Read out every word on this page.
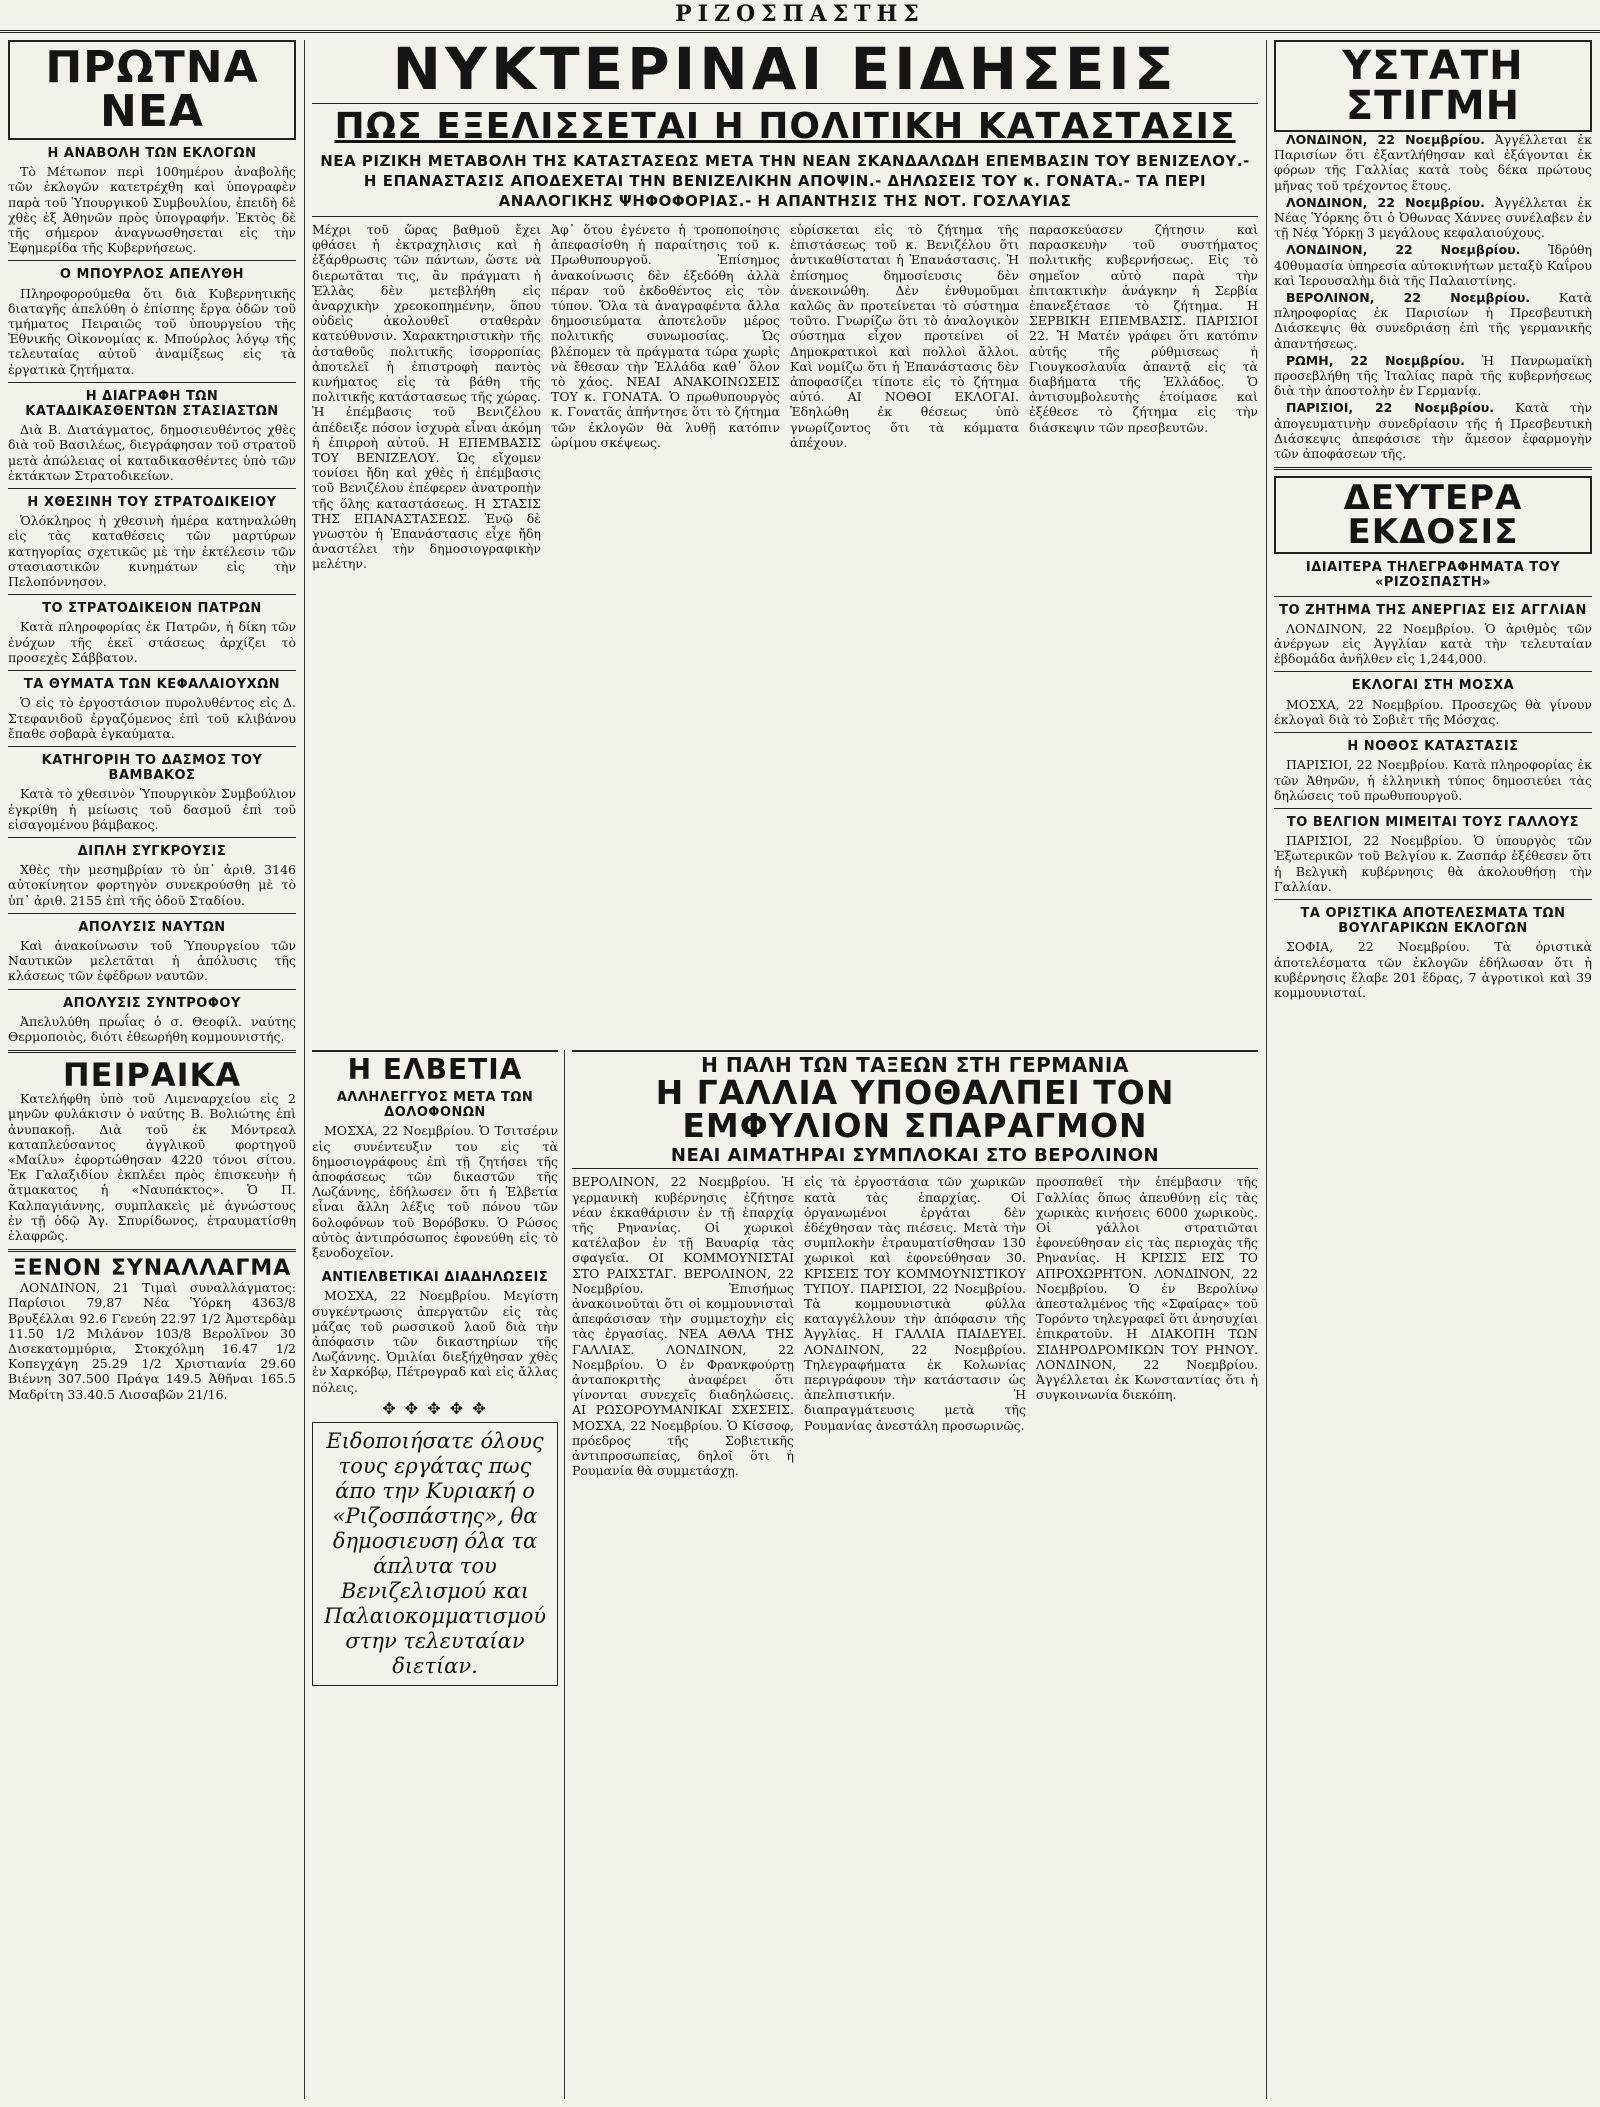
ΡΙΖΟΣΠΑΣΤΗΣ
ΠΡΩΤΝΑ ΝΕΑ
Η ΑΝΑΒΟΛΗ ΤΩΝ ΕΚΛΟΓΩΝ

Τὸ Μέτωπον περὶ 100ημέρου ἀναβολῆς τῶν ἐκλογῶν κατετρέχθη καὶ ὑπογραφὲν παρὰ τοῦ Ὑπουργικοῦ Συμβουλίου, ἐπειδὴ δὲ χθὲς ἐξ Ἀθηνῶν πρὸς ὑπογραφήν. Ἐκτὸς δὲ τῆς σήμερον ἀναγνωσθησεται εἰς τὴν Ἐφημερίδα τῆς Κυβερνήσεως.

Ο ΜΠΟΥΡΛΟΣ ΑΠΕΛΥΘΗ

Πληροφορούμεθα ὅτι διὰ Κυβερνητικῆς διαταγῆς ἀπελύθη ὁ ἐπίσπης ἔργα ὁδῶν τοῦ τμήματος Πειραιῶς τοῦ ὑπουργείου τῆς Ἐθνικῆς Οἰκονομίας κ. Μπούρλος λόγῳ τῆς τελευταίας αὐτοῦ ἀναμίξεως εἰς τὰ ἐργατικὰ ζητήματα.

Η ΔΙΑΓΡΑΦΗ ΤΩΝ ΚΑΤΑΔΙΚΑΣΘΕΝΤΩΝ ΣΤΑΣΙΑΣΤΩΝ

Διὰ Β. Διατάγματος, δημοσιευθέντος χθὲς διὰ τοῦ Βασιλέως, διεγράφησαν τοῦ στρατοῦ μετὰ ἀπώλειας οἱ καταδικασθέντες ὑπὸ τῶν ἐκτάκτων Στρατοδικείων.

Η ΧΘΕΣΙΝΗ ΤΟΥ ΣΤΡΑΤΟΔΙΚΕΙΟΥ

Ὁλόκληρος ἡ χθεσινὴ ἡμέρα κατηναλώθη εἰς τὰς καταθέσεις τῶν μαρτύρων κατηγορίας σχετικῶς μὲ τὴν ἐκτέλεσιν τῶν στασιαστικῶν κινημάτων εἰς τὴν Πελοπόννησον.

ΤΟ ΣΤΡΑΤΟΔΙΚΕΙΟΝ ΠΑΤΡΩΝ

Κατὰ πληροφορίας ἐκ Πατρῶν, ἡ δίκη τῶν ἐνόχων τῆς ἐκεῖ στάσεως ἀρχίζει τὸ προσεχὲς Σάββατον.

ΤΑ ΘΥΜΑΤΑ ΤΩΝ ΚΕΦΑΛΑΙΟΥΧΩΝ

Ὁ εἰς τὸ ἐργοστάσιον πυρολυθέντος εἰς Δ. Στεφανιδοῦ ἐργαζόμενος ἐπὶ τοῦ κλιβάνου ἔπαθε σοβαρὰ ἐγκαύματα.

ΚΑΤΗΓΟΡΙΗ ΤΟ ΔΑΣΜΟΣ ΤΟΥ ΒΑΜΒΑΚΟΣ

Κατὰ τὸ χθεσινὸν Ὑπουργικὸν Συμβούλιον ἐγκρίθη ἡ μείωσις τοῦ δασμοῦ ἐπὶ τοῦ εἰσαγομένου βάμβακος.

ΔΙΠΛΗ ΣΥΓΚΡΟΥΣΙΣ

Χθὲς τὴν μεσημβρίαν τὸ ὑπ᾽ ἀριθ. 3146 αὐτοκίνητον φορτηγὸν συνεκρούσθη μὲ τὸ ὑπ᾽ ἀριθ. 2155 ἐπὶ τῆς ὁδοῦ Σταδίου.

ΑΠΟΛΥΣΙΣ ΝΑΥΤΩΝ

Καὶ ἀνακοίνωσιν τοῦ Ὑπουργείου τῶν Ναυτικῶν μελετᾶται ἡ ἀπόλυσις τῆς κλάσεως τῶν ἐφέδρων ναυτῶν.

ΑΠΟΛΥΣΙΣ ΣΥΝΤΡΟΦΟΥ

Ἀπελυλύθη πρωΐας ὁ σ. Θεοφίλ. ναύτης Θερμοποιὸς, διότι ἐθεωρήθη κομμουνιστής.

ΠΕΙΡΑΙΚΑ

Κατελήφθη ὑπὸ τοῦ Λιμεναρχείου εἰς 2 μηνῶν φυλάκισιν ὁ ναύτης Β. Βολιώτης ἐπὶ ἀνυπακοῇ. Διὰ τοῦ ἐκ Μόντρεαλ καταπλεύσαντος ἀγγλικοῦ φορτηγοῦ «Μαίλυ» ἐφορτώθησαν 4220 τόνοι σίτου. Ἐκ Γαλαξιδίου ἐκπλέει πρὸς ἐπισκευὴν ἡ ἄτμακατος ἡ «Ναυπάκτος». Ὁ Π. Καλπαγιάννης, συμπλακεὶς μὲ ἀγνώστους ἐν τῇ ὁδῷ Ἀγ. Σπυρίδωνος, ἐτραυματίσθη ἐλαφρῶς.

ΞΕΝΟΝ ΣΥΝΑΛΛΑΓΜΑ

ΛΟΝΔΙΝΟΝ, 21 Τιμαὶ συναλλάγματος: Παρίσιοι 79,87 Νέα Ὑόρκη 4363/8 Βρυξέλλαι 92.6 Γενεύη 22.97 1/2 Ἀμστερδὰμ 11.50 1/2 Μιλάνον 103/8 Βερολῖνον 30 Δισεκατομμύρια, Στοκχόλμη 16.47 1/2 Κοπεγχάγη 25.29 1/2 Χριστιανία 29.60 Βιέννη 307.500 Πράγα 149.5 Ἀθῆναι 165.5 Μαδρίτη 33.40.5 Λισσαβῶν 21/16.

ΝΥΚΤΕΡΙΝΑΙ ΕΙΔΗΣΕΙΣ
ΠΩΣ ΕΞΕΛΙΣΣΕΤΑΙ Η ΠΟΛΙΤΙΚΗ ΚΑΤΑΣΤΑΣΙΣ
ΝΕΑ ΡΙΖΙΚΗ ΜΕΤΑΒΟΛΗ ΤΗΣ ΚΑΤΑΣΤΑΣΕΩΣ ΜΕΤΑ ΤΗΝ ΝΕΑΝ ΣΚΑΝΔΑΛΩΔΗ ΕΠΕΜΒΑΣΙΝ ΤΟΥ ΒΕΝΙΖΕΛΟΥ.- Η ΕΠΑΝΑΣΤΑΣΙΣ ΑΠΟΔΕΧΕΤΑΙ ΤΗΝ ΒΕΝΙΖΕΛΙΚΗΝ ΑΠΟΨΙΝ.- ΔΗΛΩΣΕΙΣ ΤΟΥ κ. ΓΟΝΑΤΑ.- ΤΑ ΠΕΡΙ ΑΝΑΛΟΓΙΚΗΣ ΨΗΦΟΦΟΡΙΑΣ.- Η ΑΠΑΝΤΗΣΙΣ ΤΗΣ ΝΟΤ. ΓΟΣΛΑΥΙΑΣ
Μέχρι τοῦ ὥρας βαθμοῦ ἔχει φθάσει ἡ ἐκτραχηλισις καὶ ἡ ἐξάρθρωσις τῶν πάντων, ὥστε νὰ διερωτᾶται τις, ἂν πράγματι ἡ Ἑλλὰς δὲν μετεβλήθη εἰς ἀναρχικὴν χρεοκοπημένην, ὅπου οὐδεὶς ἀκολουθεῖ σταθερὰν κατεύθυνσιν. Χαρακτηριστικὴν τῆς ἀσταθοῦς πολιτικῆς ἰσορροπίας ἀποτελεῖ ἡ ἐπιστροφὴ παντὸς κινήματος εἰς τὰ βάθη τῆς πολιτικῆς κατάστασεως τῆς χώρας. Ἡ ἐπέμβασις τοῦ Βενιζέλου ἀπέδειξε πόσον ἰσχυρὰ εἶναι ἀκόμη ἡ ἐπιρροὴ αὐτοῦ. Η ΕΠΕΜΒΑΣΙΣ ΤΟΥ ΒΕΝΙΖΕΛΟΥ. Ὡς εἴχομεν τονίσει ἤδη καὶ χθὲς ἡ ἐπέμβασις τοῦ Βενιζέλου ἐπέφερεν ἀνατροπὴν τῆς ὅλης καταστάσεως. Η ΣΤΑΣΙΣ ΤΗΣ ΕΠΑΝΑΣΤΑΣΕΩΣ. Ἐνῷ δὲ γνωστὸν ἡ Ἐπανάστασις εἶχε ἤδη ἀναστέλει τὴν δημοσιογραφικὴν μελέτην.
Ἀφ᾽ ὅτου ἐγένετο ἡ τροποποίησις ἀπεφασίσθη ἡ παραίτησις τοῦ κ. Πρωθυπουργοῦ. Ἐπίσημος ἀνακοίνωσις δὲν ἐξεδόθη ἀλλὰ πέραν τοῦ ἐκδοθέντος εἰς τὸν τύπον. Ὅλα τὰ ἀναγραφέντα ἄλλα δημοσιεύματα ἀποτελοῦν μέρος πολιτικῆς συνωμοσίας. Ὡς βλέπομεν τὰ πράγματα τώρα χωρὶς νὰ ἔθεσαν τὴν Ἑλλάδα καθ᾽ ὅλον τὸ χάος. ΝΕΑΙ ΑΝΑΚΟΙΝΩΣΕΙΣ ΤΟΥ κ. ΓΟΝΑΤΑ. Ὁ πρωθυπουργὸς κ. Γονατᾶς ἀπήντησε ὅτι τὸ ζήτημα τῶν ἐκλογῶν θὰ λυθῇ κατόπιν ὡρίμου σκέψεως.
εὑρίσκεται εἰς τὸ ζήτημα τῆς ἐπιστάσεως τοῦ κ. Βενιζέλου ὅτι ἀντικαθίσταται ἡ Ἐπανάστασις. Ἡ ἐπίσημος δημοσίευσις δὲν ἀνεκοινώθη. Δὲν ἐνθυμοῦμαι καλῶς ἂν προτείνεται τὸ σύστημα τοῦτο. Γνωρίζω ὅτι τὸ ἀναλογικὸν σύστημα εἶχον προτείνει οἱ Δημοκρατικοὶ καὶ πολλοὶ ἄλλοι. Καὶ νομίζω ὅτι ἡ Ἐπανάστασις δὲν ἀποφασίζει τίποτε εἰς τὸ ζήτημα αὐτό. ΑΙ ΝΟΘΟΙ ΕΚΛΟΓΑΙ. Ἐδηλώθη ἐκ θέσεως ὑπὸ γνωρίζοντος ὅτι τὰ κόμματα ἀπέχουν.
παρασκεύασεν ζήτησιν καὶ παρασκευὴν τοῦ συστήματος πολιτικῆς κυβερνήσεως. Εἰς τὸ σημεῖον αὐτὸ παρὰ τὴν ἐπιτακτικὴν ἀνάγκην ἡ Σερβία ἐπανεξέτασε τὸ ζήτημα. Η ΣΕΡΒΙΚΗ ΕΠΕΜΒΑΣΙΣ. ΠΑΡΙΣΙΟΙ 22. Ἡ Ματέν γράφει ὅτι κατόπιν αὐτῆς τῆς ρύθμισεως ἡ Γιουγκοσλαυΐα ἀπαντᾷ εἰς τὰ διαβήματα τῆς Ἑλλάδος. Ὁ ἀντισυμβολευτὴς ἐτοίμασε καὶ ἐξέθεσε τὸ ζήτημα εἰς τὴν διάσκεψιν τῶν πρεσβευτῶν.
Η ΕΛΒΕΤΙΑ
ΑΛΛΗΛΕΓΓΥΟΣ ΜΕΤΑ ΤΩΝ ΔΟΛΟΦΟΝΩΝ

ΜΟΣΧΑ, 22 Νοεμβρίου. Ὁ Τσιτσέριν εἰς συνέντευξιν του εἰς τὰ δημοσιογράφους ἐπὶ τῇ ζητήσει τῆς ἀποφάσεως τῶν δικαστῶν τῆς Λωζάννης, ἐδήλωσεν ὅτι ἡ Ἑλβετία εἶναι ἄλλη λέξις τοῦ πόνου τῶν δολοφόνων τοῦ Βορόβσκυ. Ὁ Ρώσος αὐτὸς ἀντιπρόσωπος ἐφονεύθη εἰς τὸ ξενοδοχεῖον.

ΑΝΤΙΕΛΒΕΤΙΚΑΙ ΔΙΑΔΗΛΩΣΕΙΣ

ΜΟΣΧΑ, 22 Νοεμβρίου. Μεγίστη συγκέντρωσις ἀπεργατῶν εἰς τὰς μάζας τοῦ ρωσσικοῦ λαοῦ διὰ τὴν ἀπόφασιν τῶν δικαστηρίων τῆς Λωζάννης. Ὁμιλίαι διεξήχθησαν χθὲς ἐν Χαρκόβῳ, Πέτρογραδ καὶ εἰς ἄλλας πόλεις.

✥ ✥ ✥ ✥ ✥
Ειδοποιήσατε όλους τους εργάτας πως άπο την Κυριακή ο «Ριζοσπάστης», θα δημοσιευση όλα τα άπλυτα του Βενιζελισμού και Παλαιοκομματισμού στην τελευταίαν διετίαν.
Η ΠΑΛΗ ΤΩΝ ΤΑΞΕΩΝ ΣΤΗ ΓΕΡΜΑΝΙΑ
Η ΓΑΛΛΙΑ ΥΠΟΘΑΛΠΕΙ ΤΟΝ ΕΜΦΥΛΙΟΝ ΣΠΑΡΑΓΜΟΝ
ΝΕΑΙ ΑΙΜΑΤΗΡΑΙ ΣΥΜΠΛΟΚΑΙ ΣΤΟ ΒΕΡΟΛΙΝΟΝ
ΒΕΡΟΛΙΝΟΝ, 22 Νοεμβρίου. Ἡ γερμανικὴ κυβέρνησις ἐζήτησε νέαν ἐκκαθάρισιν ἐν τῇ ἐπαρχίᾳ τῆς Ρηνανίας. Οἱ χωρικοὶ κατέλαβον ἐν τῇ Βαυαρίᾳ τὰς σφαγεῖα. ΟΙ ΚΟΜΜΟΥΝΙΣΤΑΙ ΣΤΟ ΡΑΙΧΣΤΑΓ. ΒΕΡΟΛΙΝΟΝ, 22 Νοεμβρίου. Ἐπισήμως ἀνακοινοῦται ὅτι οἱ κομμουνισταὶ ἀπεφάσισαν τὴν συμμετοχὴν εἰς τὰς ἐργασίας. ΝΕΑ ΑΘΛΑ ΤΗΣ ΓΑΛΛΙΑΣ. ΛΟΝΔΙΝΟΝ, 22 Νοεμβρίου. Ὁ ἐν Φρανκφούρτῃ ἀνταποκριτὴς ἀναφέρει ὅτι γίνονται συνεχεῖς διαδηλώσεις. ΑΙ ΡΩΣΟΡΟΥΜΑΝΙΚΑΙ ΣΧΕΣΕΙΣ. ΜΟΣΧΑ, 22 Νοεμβρίου. Ὁ Κίσσοφ, πρόεδρος τῆς Σοβιετικῆς ἀντιπροσωπείας, δηλοῖ ὅτι ἡ Ρουμανία θὰ συμμετάσχῃ.
εἰς τὰ ἐργοστάσια τῶν χωρικῶν κατὰ τὰς ἐπαρχίας. Οἱ ὀργανωμένοι ἐργάται δὲν ἐδέχθησαν τὰς πιέσεις. Μετὰ τὴν συμπλοκὴν ἐτραυματίσθησαν 130 χωρικοὶ καὶ ἐφονεύθησαν 30. ΚΡΙΣΕΙΣ ΤΟΥ ΚΟΜΜΟΥΝΙΣΤΙΚΟΥ ΤΥΠΟΥ. ΠΑΡΙΣΙΟΙ, 22 Νοεμβρίου. Τὰ κομμουνιστικὰ φύλλα καταγγέλλουν τὴν ἀπόφασιν τῆς Ἀγγλίας. Η ΓΑΛΛΙΑ ΠΑΙΔΕΥΕΙ. ΛΟΝΔΙΝΟΝ, 22 Νοεμβρίου. Τηλεγραφήματα ἐκ Κολωνίας περιγράφουν τὴν κατάστασιν ὡς ἀπελπιστικήν. Ἡ διαπραγμάτευσις μετὰ τῆς Ρουμανίας ἀνεστάλη προσωρινῶς.
προσπαθεῖ τὴν ἐπέμβασιν τῆς Γαλλίας ὅπως ἀπευθύνῃ εἰς τὰς χωρικὰς κινήσεις 6000 χωρικοὺς. Οἱ γάλλοι στρατιῶται ἐφονεύθησαν εἰς τὰς περιοχὰς τῆς Ρηνανίας. Η ΚΡΙΣΙΣ ΕΙΣ ΤΟ ΑΠΡΟΧΩΡΗΤΟΝ. ΛΟΝΔΙΝΟΝ, 22 Νοεμβρίου. Ὁ ἐν Βερολίνῳ ἀπεσταλμένος τῆς «Σφαίρας» τοῦ Τορόντο τηλεγραφεῖ ὅτι ἀνησυχίαι ἐπικρατοῦν. Η ΔΙΑΚΟΠΗ ΤΩΝ ΣΙΔΗΡΟΔΡΟΜΙΚΩΝ ΤΟΥ ΡΗΝΟΥ. ΛΟΝΔΙΝΟΝ, 22 Νοεμβρίου. Ἀγγέλλεται ἐκ Κωνσταντίας ὅτι ἡ συγκοινωνία διεκόπη.
ΥΣΤΑΤΗ ΣΤΙΓΜΗ

ΛΟΝΔΙΝΟΝ, 22 Νοεμβρίου. Ἀγγέλλεται ἐκ Παρισίων ὅτι ἐξαντλήθησαν καὶ ἐξάγονται ἐκ φόρων τῆς Γαλλίας κατὰ τοὺς δέκα πρώτους μῆνας τοῦ τρέχοντος ἔτους.

ΛΟΝΔΙΝΟΝ, 22 Νοεμβρίου. Ἀγγέλλεται ἐκ Νέας Ὑόρκης ὅτι ὁ Ὀθωνας Χάννες συνέλαβεν ἐν τῇ Νέᾳ Ὑόρκῃ 3 μεγάλους κεφαλαιούχους.

ΛΟΝΔΙΝΟΝ, 22 Νοεμβρίου. Ἰδρύθη 40θυμασία ὑπηρεσία αὐτοκινήτων μεταξὺ Καΐρου καὶ Ἱερουσαλὴμ διὰ τῆς Παλαιστίνης.

ΒΕΡΟΛΙΝΟΝ, 22 Νοεμβρίου. Κατὰ πληροφορίας ἐκ Παρισίων ἡ Πρεσβευτικὴ Διάσκεψις θὰ συνεδριάσῃ ἐπὶ τῆς γερμανικῆς ἀπαντήσεως.

ΡΩΜΗ, 22 Νοεμβρίου. Ἡ Πανρωμαϊκὴ προσεβλήθη τῆς Ἰταλίας παρὰ τῆς κυβερνήσεως διὰ τὴν ἀποστολὴν ἐν Γερμανίᾳ.

ΠΑΡΙΣΙΟΙ, 22 Νοεμβρίου. Κατὰ τὴν ἀπογευματινὴν συνεδρίασιν τῆς ἡ Πρεσβευτικὴ Διάσκεψις ἀπεφάσισε τὴν ἄμεσον ἐφαρμογὴν τῶν ἀποφάσεων τῆς.

ΔΕΥΤΕΡΑ ΕΚΔΟΣΙΣ
ΙΔΙΑΙΤΕΡΑ ΤΗΛΕΓΡΑΦΗΜΑΤΑ ΤΟΥ «ΡΙΖΟΣΠΑΣΤΗ»
ΤΟ ΖΗΤΗΜΑ ΤΗΣ ΑΝΕΡΓΙΑΣ ΕΙΣ ΑΓΓΛΙΑΝ

ΛΟΝΔΙΝΟΝ, 22 Νοεμβρίου. Ὁ ἀριθμὸς τῶν ἀνέργων εἰς Ἀγγλίαν κατὰ τὴν τελευταίαν ἑβδομάδα ἀνῆλθεν εἰς 1,244,000.

ΕΚΛΟΓΑΙ ΣΤΗ ΜΟΣΧΑ

ΜΟΣΧΑ, 22 Νοεμβρίου. Προσεχῶς θὰ γίνουν ἐκλογαὶ διὰ τὸ Σοβιὲτ τῆς Μόσχας.

Η ΝΟΘΟΣ ΚΑΤΑΣΤΑΣΙΣ

ΠΑΡΙΣΙΟΙ, 22 Νοεμβρίου. Κατὰ πληροφορίας ἐκ τῶν Ἀθηνῶν, ἡ ἑλληνικὴ τύπος δημοσιεύει τὰς δηλώσεις τοῦ πρωθυπουργοῦ.

ΤΟ ΒΕΛΓΙΟΝ ΜΙΜΕΙΤΑΙ ΤΟΥΣ ΓΑΛΛΟΥΣ

ΠΑΡΙΣΙΟΙ, 22 Νοεμβρίου. Ὁ ὑπουργὸς τῶν Ἐξωτερικῶν τοῦ Βελγίου κ. Ζασπάρ ἐξέθεσεν ὅτι ἡ Βελγικὴ κυβέρνησις θὰ ἀκολουθήσῃ τὴν Γαλλίαν.

ΤΑ ΟΡΙΣΤΙΚΑ ΑΠΟΤΕΛΕΣΜΑΤΑ ΤΩΝ ΒΟΥΛΓΑΡΙΚΩΝ ΕΚΛΟΓΩΝ

ΣΟΦΙΑ, 22 Νοεμβρίου. Τὰ ὁριστικὰ ἀποτελέσματα τῶν ἐκλογῶν ἐδήλωσαν ὅτι ἡ κυβέρνησις ἔλαβε 201 ἕδρας, 7 ἀγροτικοὶ καὶ 39 κομμουνισταί.
